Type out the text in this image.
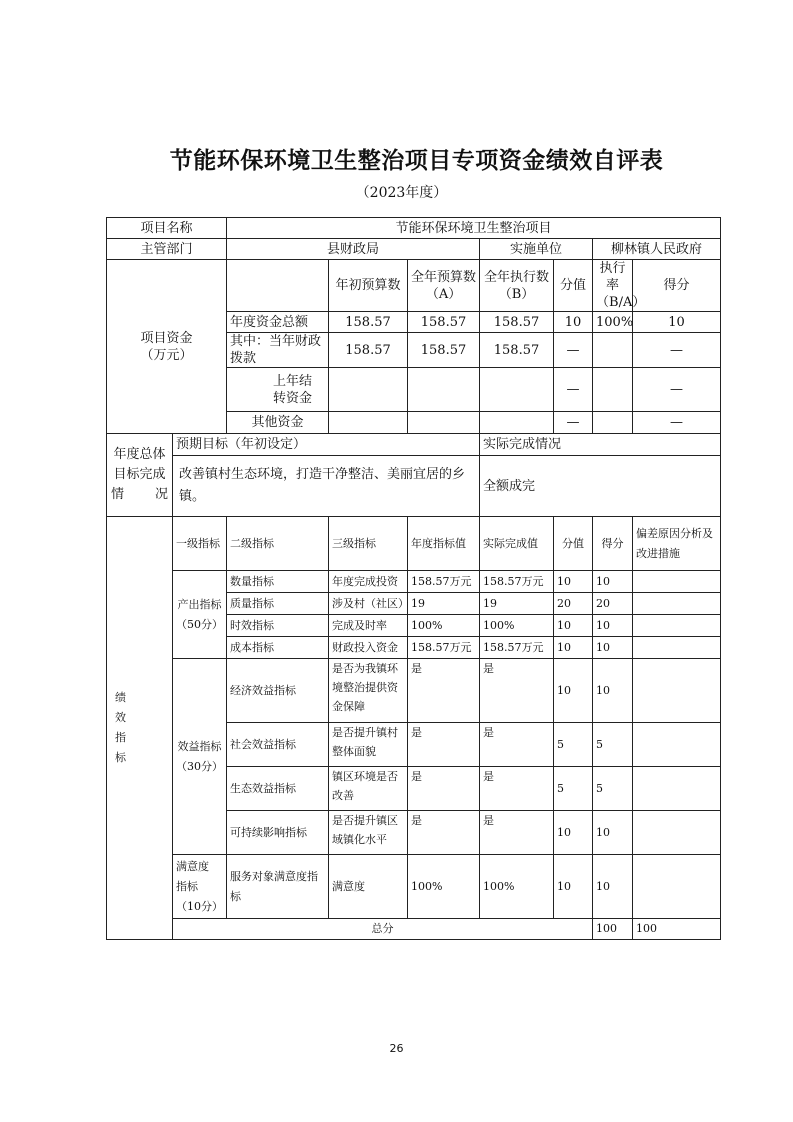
节能环保环境卫生整治项目专项资金绩效自评表
（2023年度）
项目名称		节能环保环境卫生整治项目							
主管部门		县财政局			实施单位		柳林镇人民政府		

项目资金
（万元）			年初预算数	全年预算数（A）	全年执行数（B）	分值	执行率（B/A）	得分	
		年度资金总额	158.57	158.57	158.57	10	100%	10	
		其中：当年财政拨款	158.57	158.57	158.57	—		—	
		上年结转资金				—		—	
		其他资金				—		—	
年度总体目标完成情况	预期目标（年初设定）				实际完成情况				
	改善镇村生态环境，打造干净整洁、美丽宜居的乡镇。				全额成完				

绩效指标	一级指标	二级指标	三级指标	年度指标值	实际完成值	分值	得分	偏差原因分析及改进措施	

	产出指标
（50分）	数量指标	年度完成投资	158.57万元	158.57万元	10	10		
		质量指标	涉及村（社区）	19	19	20	20		
		时效指标	完成及时率	100%	100%	10	10		
		成本指标	财政投入资金	158.57万元	158.57万元	10	10		

	效益指标
（30分）	经济效益指标	是否为我镇环境整治提供资金保障	是	是	10	10		
		社会效益指标	是否提升镇村整体面貌	是	是	5	5		
		生态效益指标	镇区环境是否改善	是	是	5	5		
		可持续影响指标	是否提升镇区域镇化水平	是	是	10	10		

	满意度指标
（10分）	服务对象满意度指标	满意度	100%	100%	10	10		
	总分						100	100	
26
